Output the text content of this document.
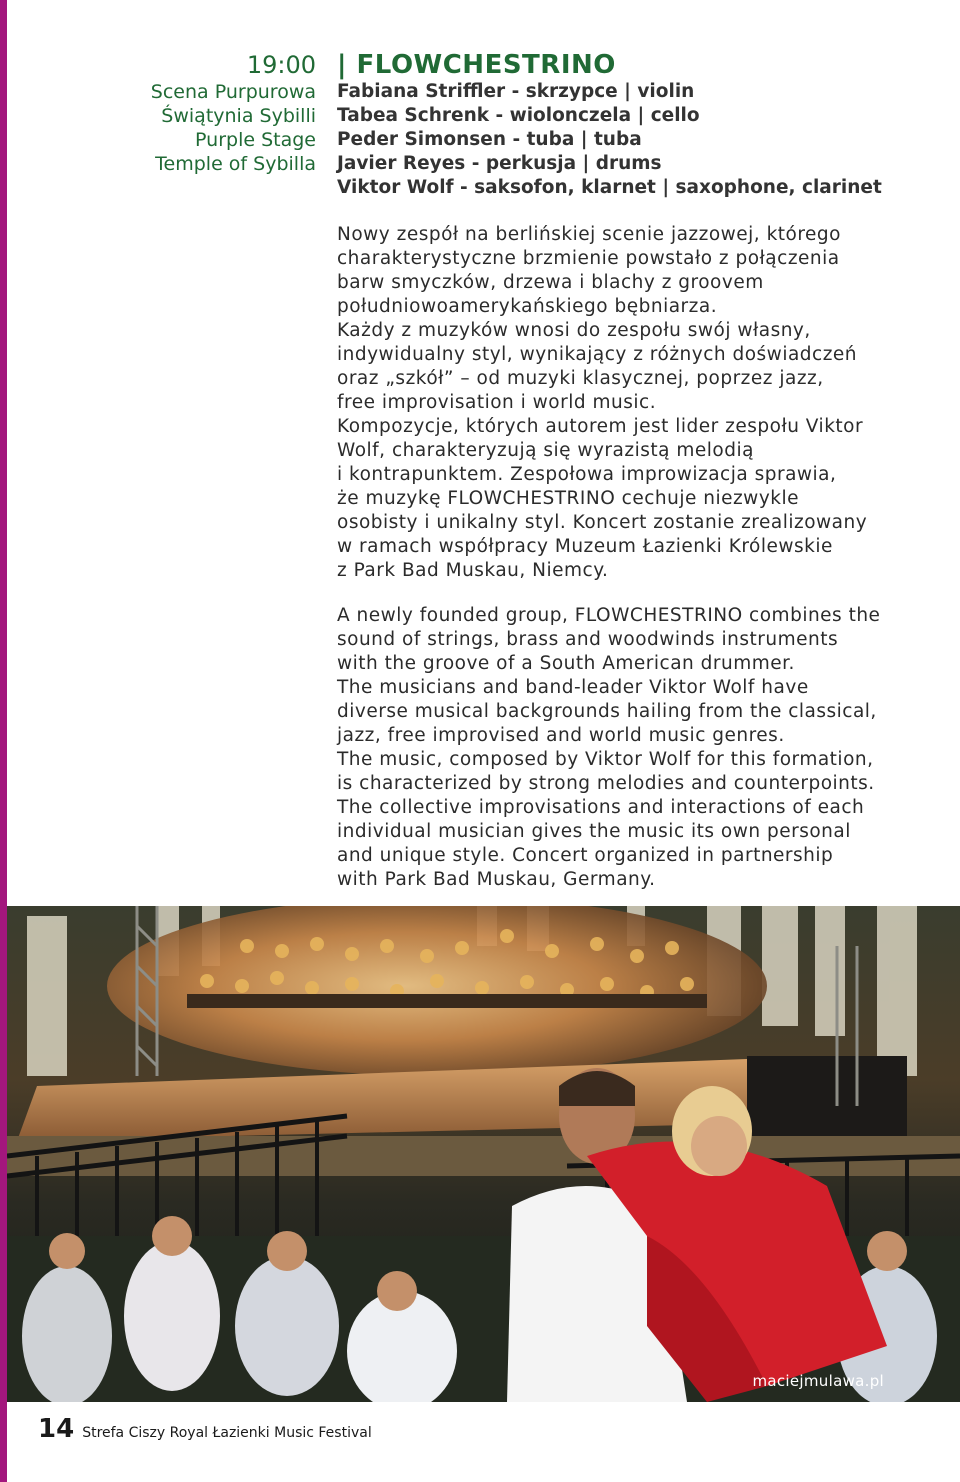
19:00
Scena Purpurowa
Świątynia Sybilli
Purple Stage
Temple of Sybilla
| FLOWCHESTRINO
Fabiana Striffler - skrzypce | violin
Tabea Schrenk - wiolonczela | cello
Peder Simonsen - tuba | tuba
Javier Reyes - perkusja | drums
Viktor Wolf - saksofon, klarnet | saxophone, clarinet
Nowy zespół na berlińskiej scenie jazzowej, którego
charakterystyczne brzmienie powstało z połączenia
barw smyczków, drzewa i blachy z groovem
południowoamerykańskiego bębniarza.
Każdy z muzyków wnosi do zespołu swój własny,
indywidualny styl, wynikający z różnych doświadczeń
oraz „szkół” – od muzyki klasycznej, poprzez jazz,
free improvisation i world music.
Kompozycje, których autorem jest lider zespołu Viktor
Wolf, charakteryzują się wyrazistą melodią
i kontrapunktem. Zespołowa improwizacja sprawia,
że muzykę FLOWCHESTRINO cechuje niezwykle
osobisty i unikalny styl. Koncert zostanie zrealizowany
w ramach współpracy Muzeum Łazienki Królewskie
z Park Bad Muskau, Niemcy.
A newly founded group, FLOWCHESTRINO combines the
sound of strings, brass and woodwinds instruments
with the groove of a South American drummer.
The musicians and band-leader Viktor Wolf have
diverse musical backgrounds hailing from the classical,
jazz, free improvised and world music genres.
The music, composed by Viktor Wolf for this formation,
is characterized by strong melodies and counterpoints.
The collective improvisations and interactions of each
individual musician gives the music its own personal
and unique style. Concert organized in partnership
with Park Bad Muskau, Germany.
maciejmulawa.pl
14 Strefa Ciszy Royal Łazienki Music Festival
